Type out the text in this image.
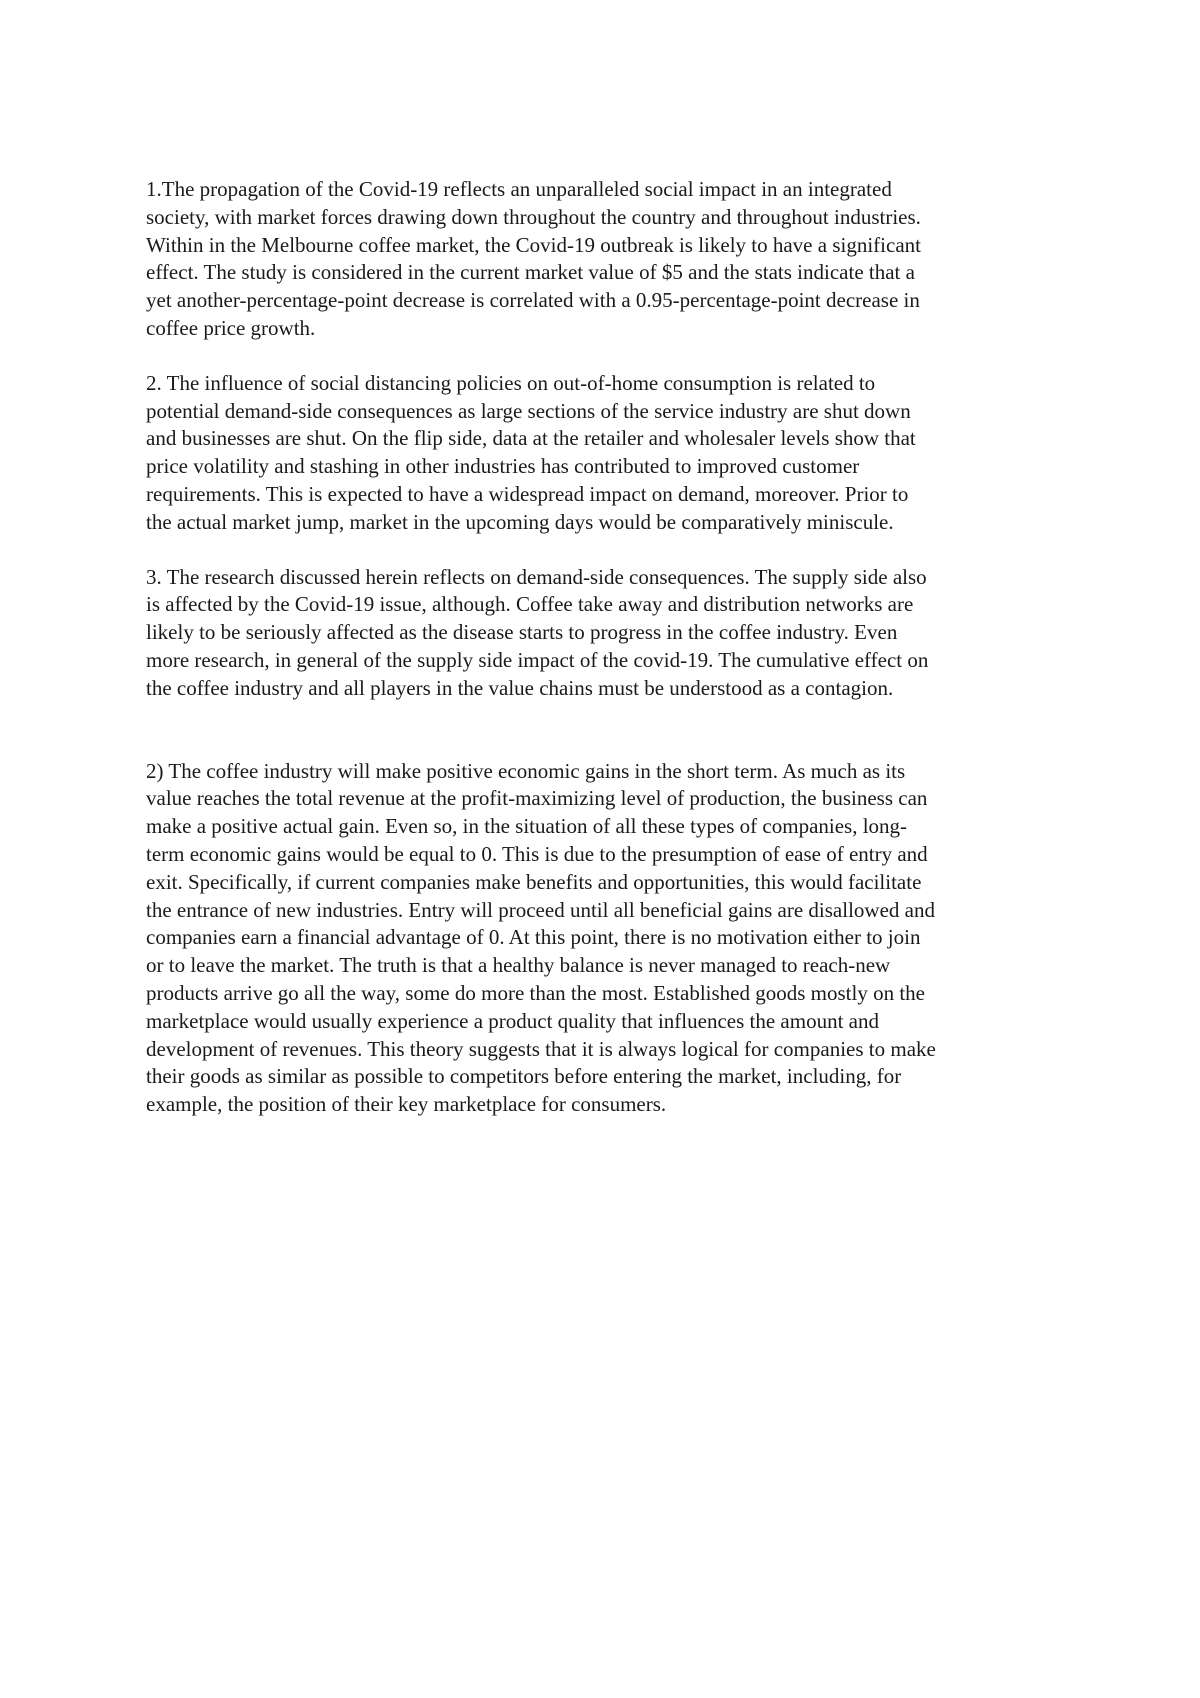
1.The propagation of the Covid-19 reflects an unparalleled social impact in an integrated
society, with market forces drawing down throughout the country and throughout industries.
Within in the Melbourne coffee market, the Covid-19 outbreak is likely to have a significant
effect. The study is considered in the current market value of $5 and the stats indicate that a
yet another-percentage-point decrease is correlated with a 0.95-percentage-point decrease in
coffee price growth.

2. The influence of social distancing policies on out-of-home consumption is related to
potential demand-side consequences as large sections of the service industry are shut down
and businesses are shut. On the flip side, data at the retailer and wholesaler levels show that
price volatility and stashing in other industries has contributed to improved customer
requirements. This is expected to have a widespread impact on demand, moreover. Prior to
the actual market jump, market in the upcoming days would be comparatively miniscule.

3. The research discussed herein reflects on demand-side consequences. The supply side also
is affected by the Covid-19 issue, although. Coffee take away and distribution networks are
likely to be seriously affected as the disease starts to progress in the coffee industry. Even
more research, in general of the supply side impact of the covid-19. The cumulative effect on
the coffee industry and all players in the value chains must be understood as a contagion.

2) The coffee industry will make positive economic gains in the short term. As much as its
value reaches the total revenue at the profit-maximizing level of production, the business can
make a positive actual gain. Even so, in the situation of all these types of companies, long-
term economic gains would be equal to 0. This is due to the presumption of ease of entry and
exit. Specifically, if current companies make benefits and opportunities, this would facilitate
the entrance of new industries. Entry will proceed until all beneficial gains are disallowed and
companies earn a financial advantage of 0. At this point, there is no motivation either to join
or to leave the market. The truth is that a healthy balance is never managed to reach-new
products arrive go all the way, some do more than the most. Established goods mostly on the
marketplace would usually experience a product quality that influences the amount and
development of revenues. This theory suggests that it is always logical for companies to make
their goods as similar as possible to competitors before entering the market, including, for
example, the position of their key marketplace for consumers.
